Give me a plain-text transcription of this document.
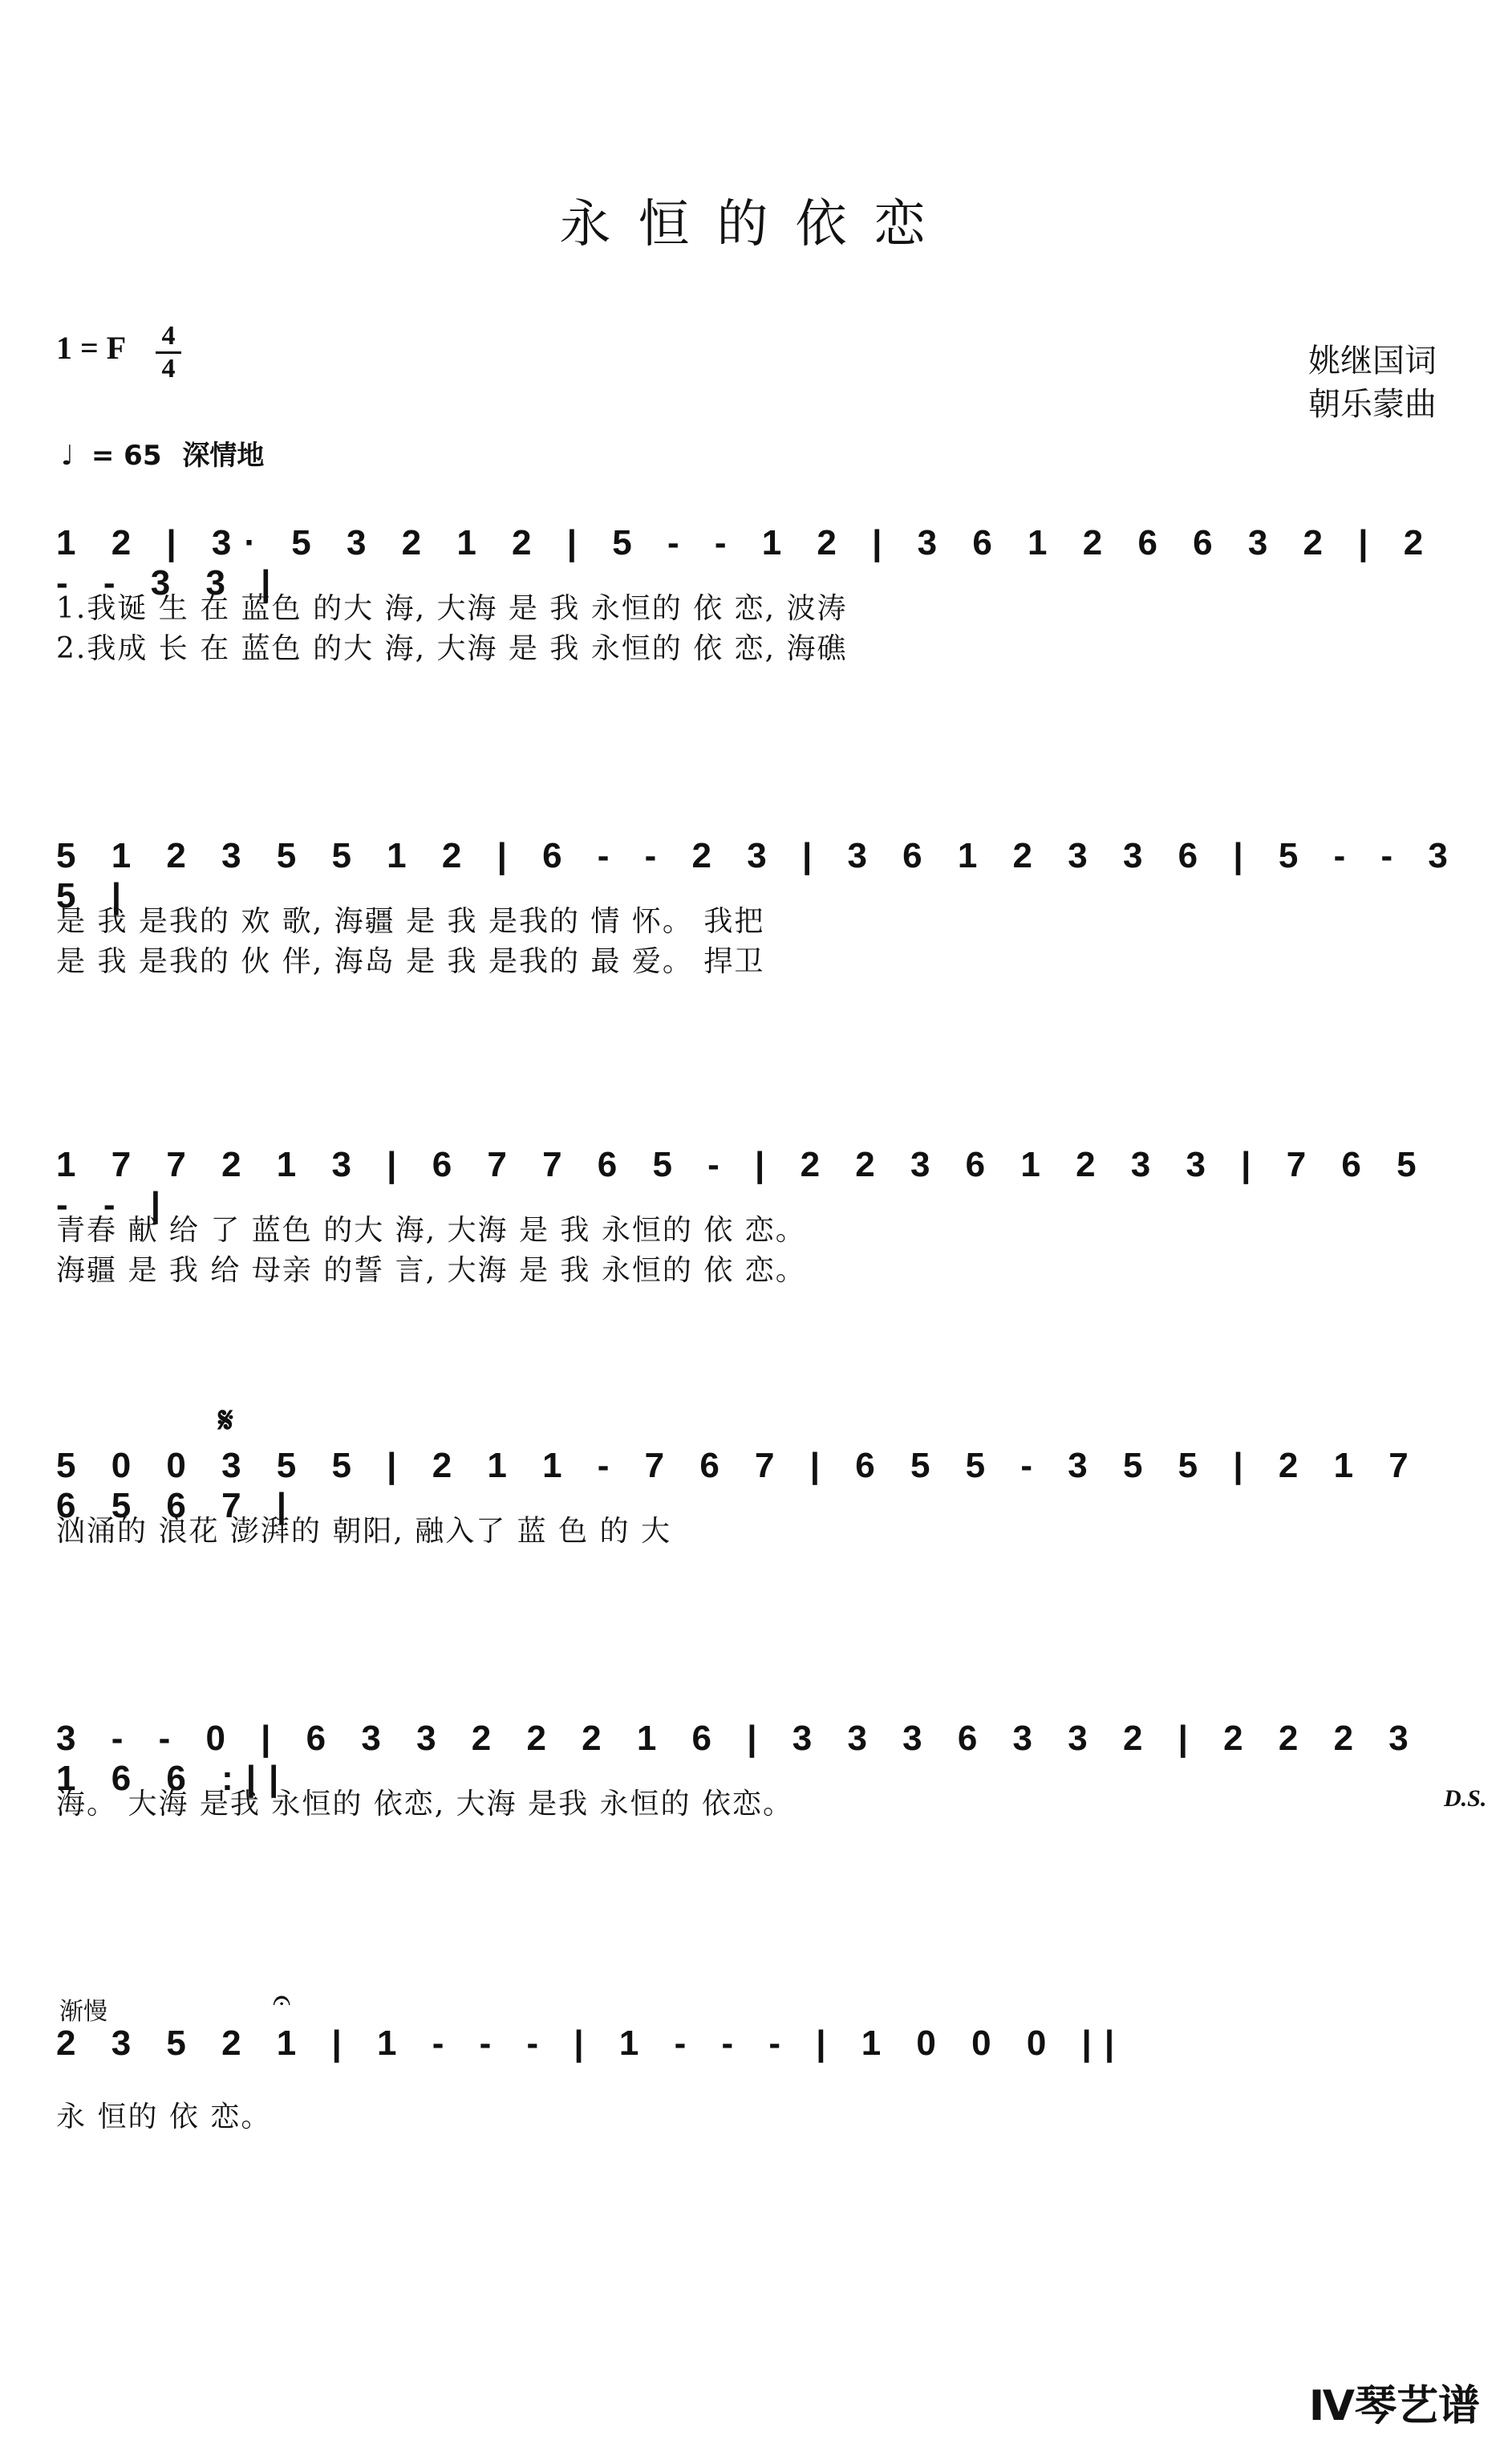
永恒的依恋
1 = F	4
4	姚继国词
朝乐蒙曲
♩ = 65 深情地
1 2 | 3· 5 3 2 1 2 | 5 - - 1 2 | 3 6 1 2 6 6 3 2 | 2 - - 3 3 |
1.我诞 生 在 蓝色 的大 海, 大海 是 我 永恒的 依 恋, 波涛
2.我成 长 在 蓝色 的大 海, 大海 是 我 永恒的 依 恋, 海礁
5 1 2 3 5 5 1 2 | 6 - - 2 3 | 3 6 1 2 3 3 6 | 5 - - 3 5 |
是 我 是我的 欢 歌, 海疆 是 我 是我的 情 怀。 我把
是 我 是我的 伙 伴, 海岛 是 我 是我的 最 爱。 捍卫
1 7 7 2 1 3 | 6 7 7 6 5 - | 2 2 3 6 1 2 3 3 | 7 6 5 - - |
青春 献 给 了 蓝色 的大 海, 大海 是 我 永恒的 依 恋。
海疆 是 我 给 母亲 的誓 言, 大海 是 我 永恒的 依 恋。
𝄋
5 0 0 3 5 5 | 2 1 1 - 7 6 7 | 6 5 5 - 3 5 5 | 2 1 7 6 5 6 7 |
汹涌的 浪花 澎湃的 朝阳, 融入了 蓝 色 的 大
3 - - 0 | 6 3 3 2 2 2 1 6 | 3 3 3 6 3 3 2 | 2 2 2 3 1 6 6 :||
海。 大海 是我 永恒的 依恋, 大海 是我 永恒的 依恋。	D.S.
渐慢
2 3 5 2 1 | 1 - - - | 1 - - - | 1 0 0 0 ||
永 恒的 依 恋。
𝄐
Ⅳ琴艺谱
